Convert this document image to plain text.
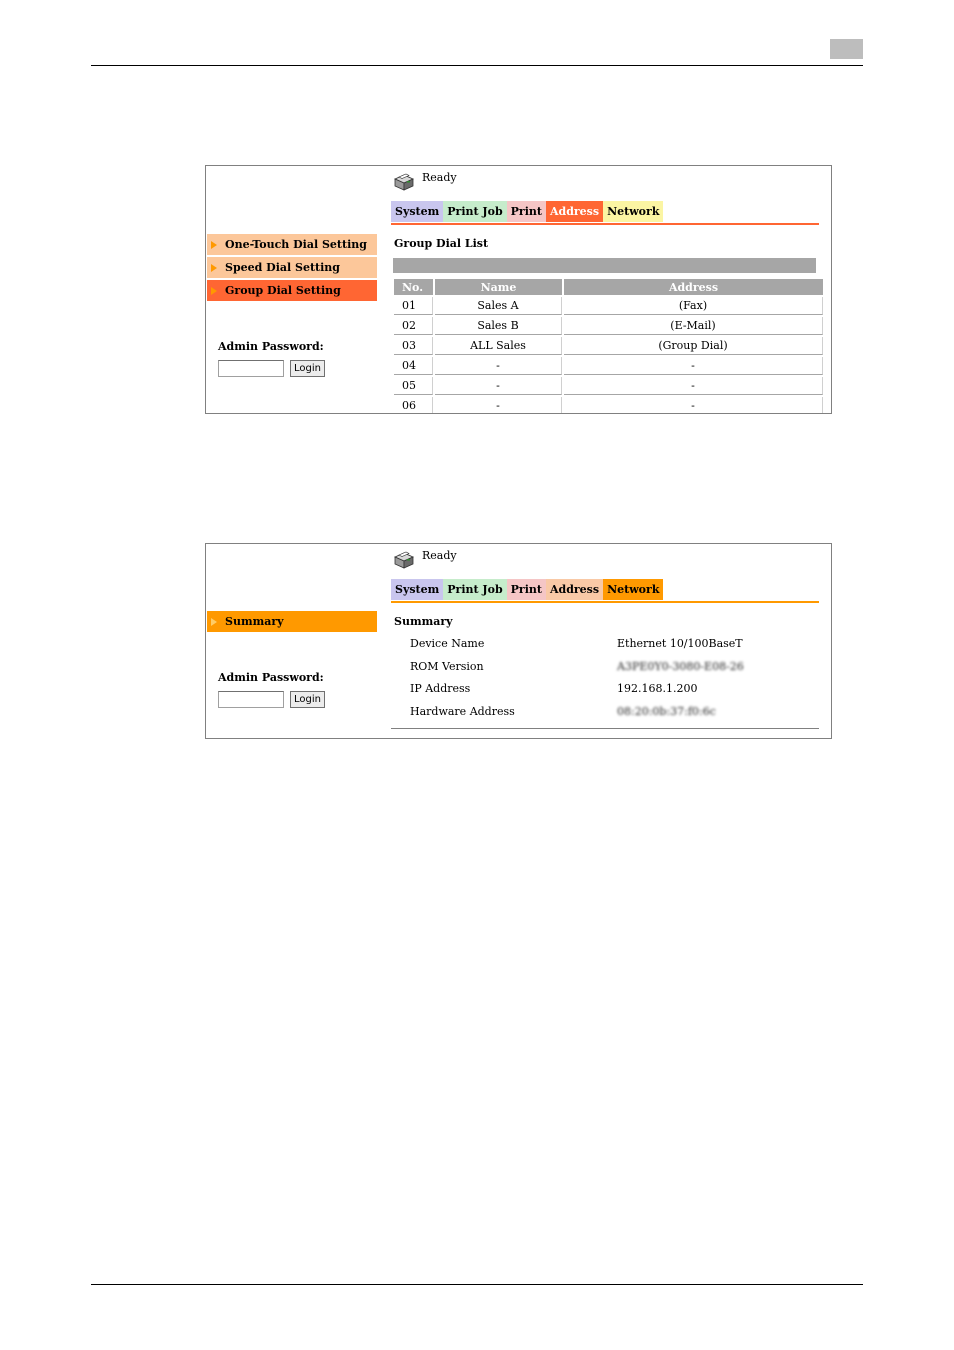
Ready
System Print Job Print Address Network
One-Touch Dial Setting
Speed Dial Setting
Group Dial Setting
Admin Password:
Login
Group Dial List
No.	Name	Address
01	Sales A	(Fax)
02	Sales B	(E-Mail)
03	ALL Sales	(Group Dial)
04	-	-
05	-	-
06	-	-
Ready
System Print Job Print Address Network
Summary
Admin Password:
Login
Summary
Device Name	Ethernet 10/100BaseT
ROM Version	A3PE0Y0-3080-E08-26
IP Address	192.168.1.200
Hardware Address	08:20:0b:37:f0:6c
